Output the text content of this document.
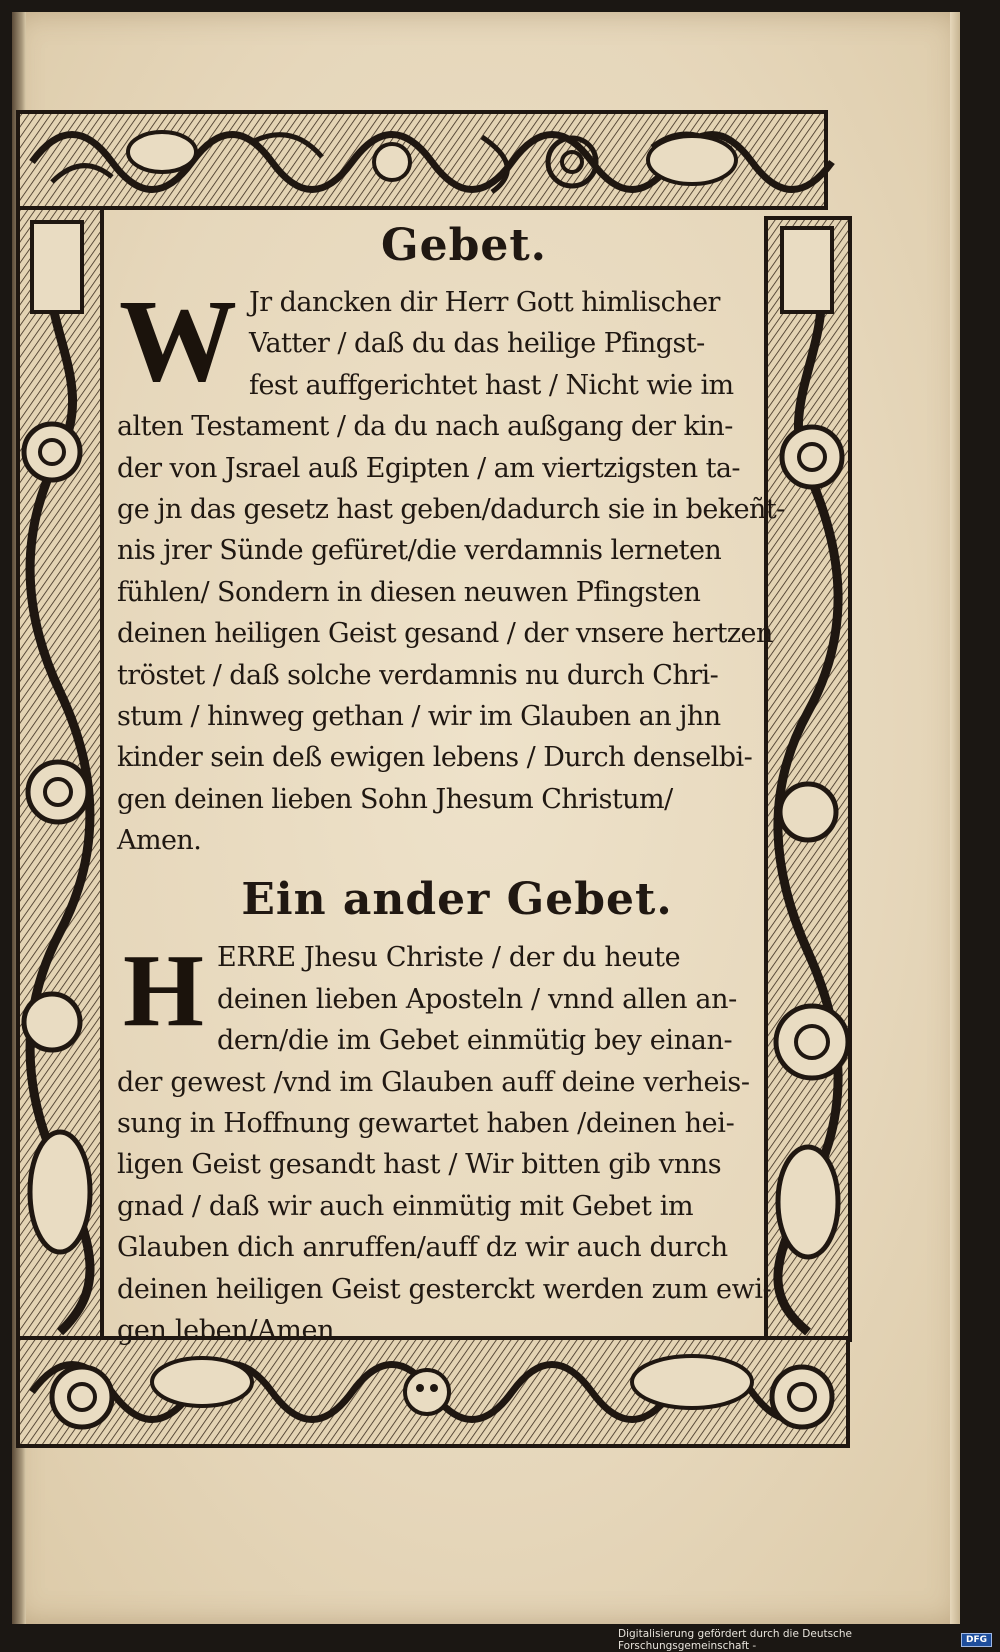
Gebet.
W Jr dancken dir Herr Gott himlischer
Vatter / daß du das heilige Pfingst-
fest auffgerichtet hast / Nicht wie im
alten Testament / da du nach außgang der kin-
der von Jsrael auß Egipten / am viertzigsten ta-
ge jn das gesetz hast geben/dadurch sie in bekeñt-
nis jrer Sünde gefüret/die verdamnis lerneten
fühlen/ Sondern in diesen neuwen Pfingsten
deinen heiligen Geist gesand / der vnsere hertzen
tröstet / daß solche verdamnis nu durch Chri-
stum / hinweg gethan / wir im Glauben an jhn
kinder sein deß ewigen lebens / Durch denselbi-
gen deinen lieben Sohn Jhesum Christum/
Amen.
Ein ander Gebet.
H ERRE Jhesu Christe / der du heute
deinen lieben Aposteln / vnnd allen an-
dern/die im Gebet einmütig bey einan-
der gewest /vnd im Glauben auff deine verheis-
sung in Hoffnung gewartet haben /deinen hei-
ligen Geist gesandt hast / Wir bitten gib vnns
gnad / daß wir auch einmütig mit Gebet im
Glauben dich anruffen/auff dz wir auch durch
deinen heiligen Geist gesterckt werden zum ewi-
gen leben/Amen.
Digitalisierung gefördert durch die Deutsche Forschungsgemeinschaft -	DFG
